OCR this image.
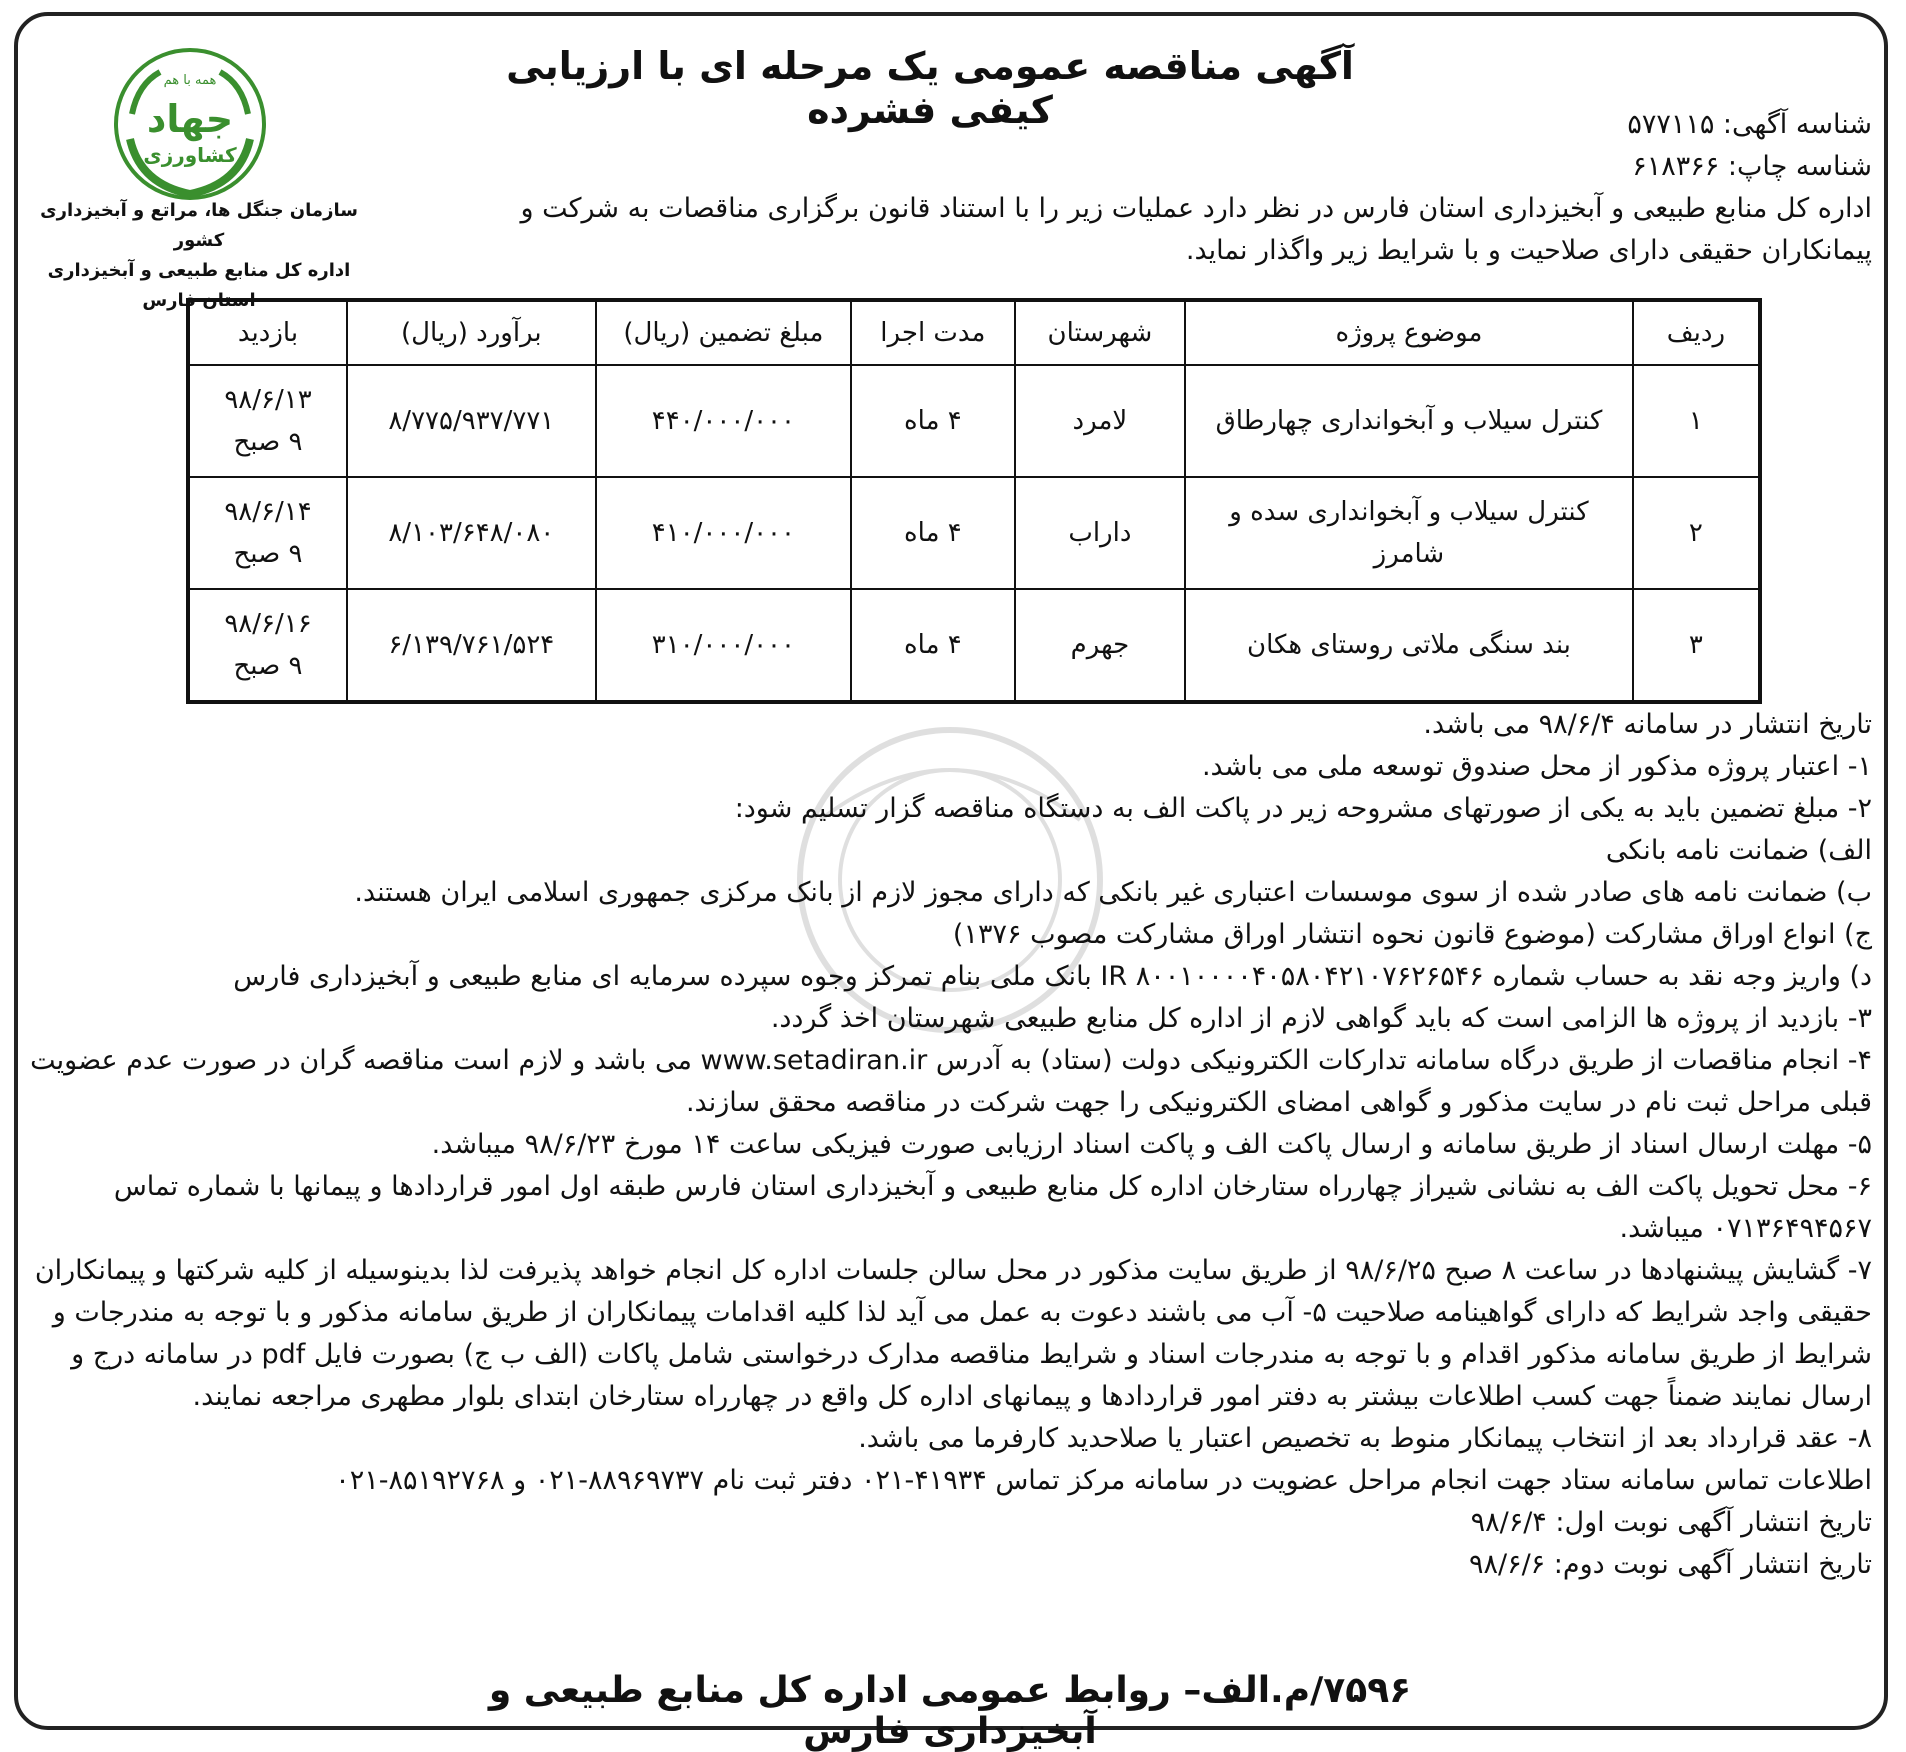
همه با هم
جهاد
کشاورزی
سازمان جنگل ها، مراتع و آبخیزداری کشور
اداره کل منابع طبیعی و آبخیزداری استان فارس
آگهی مناقصه عمومی یک مرحله ای با ارزیابی کیفی فشرده	شناسه آگهی: ۵۷۷۱۱۵

شناسه چاپ: ۶۱۸۳۶۶

اداره کل منابع طبیعی و آبخیزداری استان فارس در نظر دارد عملیات زیر را با استناد قانون برگزاری مناقصات به شرکت و پیمانکاران حقیقی دارای صلاحیت و با شرایط زیر واگذار نماید.

ردیف	موضوع پروژه	شهرستان	مدت اجرا	مبلغ تضمین (ریال)	برآورد (ریال)	بازدید
۱	کنترل سیلاب و آبخوانداری چهارطاق	لامرد	۴ ماه	۴۴۰/۰۰۰/۰۰۰	۸/۷۷۵/۹۳۷/۷۷۱	۹۸/۶/۱۳
۹ صبح

۲	کنترل سیلاب و آبخوانداری سده و شامرز	داراب	۴ ماه	۴۱۰/۰۰۰/۰۰۰	۸/۱۰۳/۶۴۸/۰۸۰	۹۸/۶/۱۴
۹ صبح

۳	بند سنگی ملاتی روستای هکان	جهرم	۴ ماه	۳۱۰/۰۰۰/۰۰۰	۶/۱۳۹/۷۶۱/۵۲۴	۹۸/۶/۱۶
۹ صبح

تاریخ انتشار در سامانه ۹۸/۶/۴ می باشد.

۱- اعتبار پروژه مذکور از محل صندوق توسعه ملی می باشد.

۲- مبلغ تضمین باید به یکی از صورتهای مشروحه زیر در پاکت الف به دستگاه مناقصه گزار تسلیم شود:

الف) ضمانت نامه بانکی

ب) ضمانت نامه های صادر شده از سوی موسسات اعتباری غیر بانکی که دارای مجوز لازم از بانک مرکزی جمهوری اسلامی ایران هستند.

ج) انواع اوراق مشارکت (موضوع قانون نحوه انتشار اوراق مشارکت مصوب ۱۳۷۶)

د) واریز وجه نقد به حساب شماره IR ۸۰۰۱۰۰۰۰۴۰۵۸۰۴۲۱۰۷۶۲۶۵۴۶ بانک ملی بنام تمرکز وجوه سپرده سرمایه ای منابع طبیعی و آبخیزداری فارس

۳- بازدید از پروژه ها الزامی است که باید گواهی لازم از اداره کل منابع طبیعی شهرستان اخذ گردد.

۴- انجام مناقصات از طریق درگاه سامانه تدارکات الکترونیکی دولت (ستاد) به آدرس www.setadiran.ir می باشد و لازم است مناقصه گران در صورت عدم عضویت قبلی مراحل ثبت نام در سایت مذکور و گواهی امضای الکترونیکی را جهت شرکت در مناقصه محقق سازند.

۵- مهلت ارسال اسناد از طریق سامانه و ارسال پاکت الف و پاکت اسناد ارزیابی صورت فیزیکی ساعت ۱۴ مورخ ۹۸/۶/۲۳ میباشد.

۶- محل تحویل پاکت الف به نشانی شیراز چهارراه ستارخان اداره کل منابع طبیعی و آبخیزداری استان فارس طبقه اول امور قراردادها و پیمانها با شماره تماس ۰۷۱۳۶۴۹۴۵۶۷ میباشد.

۷- گشایش پیشنهادها در ساعت ۸ صبح ۹۸/۶/۲۵ از طریق سایت مذکور در محل سالن جلسات اداره کل انجام خواهد پذیرفت لذا بدینوسیله از کلیه شرکتها و پیمانکاران حقیقی واجد شرایط که دارای گواهینامه صلاحیت ۵- آب می باشند دعوت به عمل می آید لذا کلیه اقدامات پیمانکاران از طریق سامانه مذکور و با توجه به مندرجات و شرایط از طریق سامانه مذکور اقدام و با توجه به مندرجات اسناد و شرایط مناقصه مدارک درخواستی شامل پاکات (الف ب ج) بصورت فایل pdf در سامانه درج و ارسال نمایند ضمناً جهت کسب اطلاعات بیشتر به دفتر امور قراردادها و پیمانهای اداره کل واقع در چهارراه ستارخان ابتدای بلوار مطهری مراجعه نمایند.

۸- عقد قرارداد بعد از انتخاب پیمانکار منوط به تخصیص اعتبار یا صلاحدید کارفرما می باشد.

اطلاعات تماس سامانه ستاد جهت انجام مراحل عضویت در سامانه مرکز تماس ۴۱۹۳۴-۰۲۱ دفتر ثبت نام ۸۸۹۶۹۷۳۷-۰۲۱ و ۸۵۱۹۲۷۶۸-۰۲۱

تاریخ انتشار آگهی نوبت اول: ۹۸/۶/۴

تاریخ انتشار آگهی نوبت دوم: ۹۸/۶/۶

۷۵۹۶/م.الف– روابط عمومی اداره کل منابع طبیعی و آبخیزداری فارس
